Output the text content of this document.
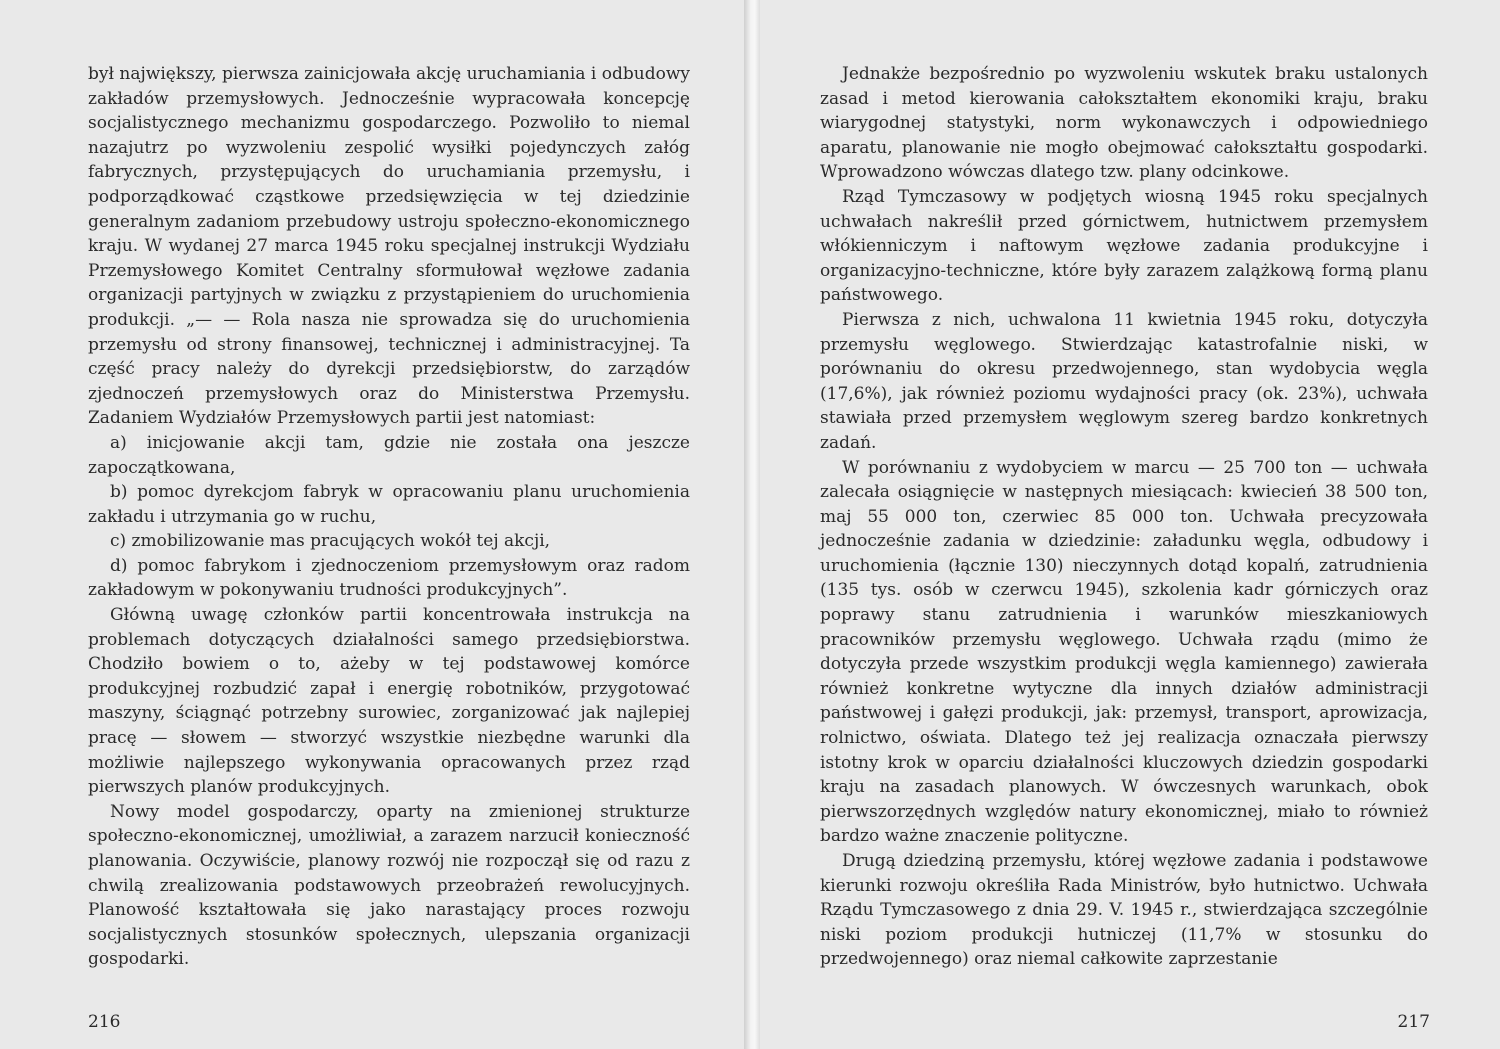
był największy, pierwsza zainicjowała akcję uruchamiania i odbudowy zakładów przemysłowych. Jednocześnie wypracowała koncepcję socjalistycznego mechanizmu gospodarczego. Pozwoliło to niemal nazajutrz po wyzwoleniu zespolić wysiłki pojedynczych załóg fabrycznych, przystępujących do uruchamiania przemysłu, i podporządkować cząstkowe przedsięwzięcia w tej dziedzinie generalnym zadaniom przebudowy ustroju społeczno-ekonomicznego kraju. W wydanej 27 marca 1945 roku specjalnej instrukcji Wydziału Przemysłowego Komitet Centralny sformułował węzłowe zadania organizacji partyjnych w związku z przystąpieniem do uruchomienia produkcji. „— — Rola nasza nie sprowadza się do uruchomienia przemysłu od strony finansowej, technicznej i administracyjnej. Ta część pracy należy do dyrekcji przedsiębiorstw, do zarządów zjednoczeń przemysłowych oraz do Ministerstwa Przemysłu. Zadaniem Wydziałów Przemysłowych partii jest natomiast:

a) inicjowanie akcji tam, gdzie nie została ona jeszcze zapoczątkowana,

b) pomoc dyrekcjom fabryk w opracowaniu planu uruchomienia zakładu i utrzymania go w ruchu,

c) zmobilizowanie mas pracujących wokół tej akcji,

d) pomoc fabrykom i zjednoczeniom przemysłowym oraz radom zakładowym w pokonywaniu trudności produkcyjnych”.

Główną uwagę członków partii koncentrowała instrukcja na problemach dotyczących działalności samego przedsiębiorstwa. Chodziło bowiem o to, ażeby w tej podstawowej komórce produkcyjnej rozbudzić zapał i energię robotników, przygotować maszyny, ściągnąć potrzebny surowiec, zorganizować jak najlepiej pracę — słowem — stworzyć wszystkie niezbędne warunki dla możliwie najlepszego wykonywania opracowanych przez rząd pierwszych planów produkcyjnych.

Nowy model gospodarczy, oparty na zmienionej strukturze społeczno-ekonomicznej, umożliwiał, a zarazem narzucił konieczność planowania. Oczywiście, planowy rozwój nie rozpoczął się od razu z chwilą zrealizowania podstawowych przeobrażeń rewolucyjnych. Planowość kształtowała się jako narastający proces rozwoju socjalistycznych stosunków społecznych, ulepszania organizacji gospodarki.

216

Jednakże bezpośrednio po wyzwoleniu wskutek braku ustalonych zasad i metod kierowania całokształtem ekonomiki kraju, braku wiarygodnej statystyki, norm wykonawczych i odpowiedniego aparatu, planowanie nie mogło obejmować całokształtu gospodarki. Wprowadzono wówczas dlatego tzw. plany odcinkowe.

Rząd Tymczasowy w podjętych wiosną 1945 roku specjalnych uchwałach nakreślił przed górnictwem, hutnictwem przemysłem włókienniczym i naftowym węzłowe zadania produkcyjne i organizacyjno-techniczne, które były zarazem zalążkową formą planu państwowego.

Pierwsza z nich, uchwalona 11 kwietnia 1945 roku, dotyczyła przemysłu węglowego. Stwierdzając katastrofalnie niski, w porównaniu do okresu przedwojennego, stan wydobycia węgla (17,6%), jak również poziomu wydajności pracy (ok. 23%), uchwała stawiała przed przemysłem węglowym szereg bardzo konkretnych zadań.

W porównaniu z wydobyciem w marcu — 25 700 ton — uchwała zalecała osiągnięcie w następnych miesiącach: kwiecień 38 500 ton, maj 55 000 ton, czerwiec 85 000 ton. Uchwała precyzowała jednocześnie zadania w dziedzinie: załadunku węgla, odbudowy i uruchomienia (łącznie 130) nieczynnych dotąd kopalń, zatrudnienia (135 tys. osób w czerwcu 1945), szkolenia kadr górniczych oraz poprawy stanu zatrudnienia i warunków mieszkaniowych pracowników przemysłu węglowego. Uchwała rządu (mimo że dotyczyła przede wszystkim produkcji węgla kamiennego) zawierała również konkretne wytyczne dla innych działów administracji państwowej i gałęzi produkcji, jak: przemysł, transport, aprowizacja, rolnictwo, oświata. Dlatego też jej realizacja oznaczała pierwszy istotny krok w oparciu działalności kluczowych dziedzin gospodarki kraju na zasadach planowych. W ówczesnych warunkach, obok pierwszorzędnych względów natury ekonomicznej, miało to również bardzo ważne znaczenie polityczne.

Drugą dziedziną przemysłu, której węzłowe zadania i podstawowe kierunki rozwoju określiła Rada Ministrów, było hutnictwo. Uchwała Rządu Tymczasowego z dnia 29. V. 1945 r., stwierdzająca szczególnie niski poziom produkcji hutniczej (11,7% w stosunku do przedwojennego) oraz niemal całkowite zaprzestanie

217
